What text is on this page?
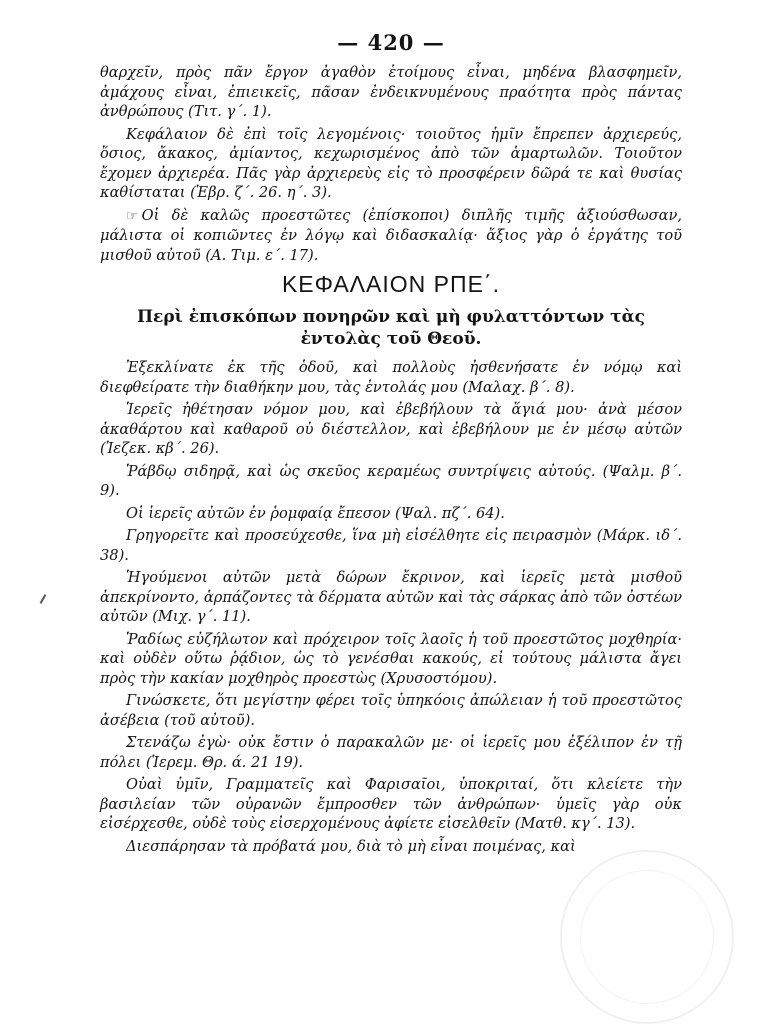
— 420 —

θαρχεῖν, πρὸς πᾶν ἔργον ἀγαθὸν ἑτοίμους εἶναι, μηδένα βλασφημεῖν, ἀμάχους εἶναι, ἐπιεικεῖς, πᾶσαν ἐνδεικνυμένους πραότητα πρὸς πάντας ἀνθρώπους (Τιτ. γ΄. 1).

Κεφάλαιον δὲ ἐπὶ τοῖς λεγομένοις· τοιοῦτος ἡμῖν ἔπρεπεν ἀρχιερεύς, ὅσιος, ἄκακος, ἀμίαντος, κεχωρισμένος ἀπὸ τῶν ἁμαρτωλῶν. Τοιοῦτον ἔχομεν ἀρχιερέα. Πᾶς γὰρ ἀρχιερεὺς εἰς τὸ προσφέρειν δῶρά τε καὶ θυσίας καθίσταται (Ἑβρ. ζ΄. 26. η΄. 3).

☞ Οἱ δὲ καλῶς προεστῶτες (ἐπίσκοποι) διπλῆς τιμῆς ἀξιούσθωσαν, μάλιστα οἱ κοπιῶντες ἐν λόγῳ καὶ διδασκαλίᾳ· ἄξιος γὰρ ὁ ἐργάτης τοῦ μισθοῦ αὐτοῦ (Α. Τιμ. ε΄. 17).

ΚΕΦΑΛΑΙΟΝ ΡΠΕ΄.
Περὶ ἐπισκόπων πονηρῶν καὶ μὴ φυλαττόντων τὰς ἐντολὰς τοῦ Θεοῦ.

Ἐξεκλίνατε ἐκ τῆς ὁδοῦ, καὶ πολλοὺς ἠσθενήσατε ἐν νόμῳ καὶ διεφθείρατε τὴν διαθήκην μου, τὰς ἐντολάς μου (Μαλαχ. β΄. 8).

Ἱερεῖς ἠθέτησαν νόμον μου, καὶ ἐβεβήλουν τὰ ἅγιά μου· ἀνὰ μέσον ἀκαθάρτου καὶ καθαροῦ οὐ διέστελλον, καὶ ἐβεβήλουν με ἐν μέσῳ αὐτῶν (Ἰεζεκ. κβ΄. 26).

Ῥάβδῳ σιδηρᾷ, καὶ ὡς σκεῦος κεραμέως συντρίψεις αὐτούς. (Ψαλμ. β΄. 9).

Οἱ ἱερεῖς αὐτῶν ἐν ῥομφαίᾳ ἔπεσον (Ψαλ. πζ΄. 64).

Γρηγορεῖτε καὶ προσεύχεσθε, ἵνα μὴ εἰσέλθητε εἰς πειρασμὸν (Μάρκ. ιδ΄. 38).

Ἡγούμενοι αὐτῶν μετὰ δώρων ἔκρινον, καὶ ἱερεῖς μετὰ μισθοῦ ἀπεκρίνοντο, ἁρπάζοντες τὰ δέρματα αὐτῶν καὶ τὰς σάρκας ἀπὸ τῶν ὀστέων αὐτῶν (Μιχ. γ΄. 11).

Ῥαδίως εὐζήλωτον καὶ πρόχειρον τοῖς λαοῖς ἡ τοῦ προεστῶτος μοχθηρία· καὶ οὐδὲν οὕτω ῥᾴδιον, ὡς τὸ γενέσθαι κακούς, εἰ τούτους μάλιστα ἄγει πρὸς τὴν κακίαν μοχθηρὸς προεστὼς (Χρυσοστόμου).

Γινώσκετε, ὅτι μεγίστην φέρει τοῖς ὑπηκόοις ἀπώλειαν ἡ τοῦ προεστῶτος ἀσέβεια (τοῦ αὐτοῦ).

Στενάζω ἐγὼ· οὐκ ἔστιν ὁ παρακαλῶν με· οἱ ἱερεῖς μου ἐξέλιπον ἐν τῇ πόλει (Ἱερεμ. Θρ. ά. 21 19).

Οὐαὶ ὑμῖν, Γραμματεῖς καὶ Φαρισαῖοι, ὑποκριταί, ὅτι κλείετε τὴν βασιλείαν τῶν οὐρανῶν ἔμπροσθεν τῶν ἀνθρώπων· ὑμεῖς γὰρ οὐκ εἰσέρχεσθε, οὐδὲ τοὺς εἰσερχομένους ἀφίετε εἰσελθεῖν (Ματθ. κγ΄. 13).

Διεσπάρησαν τὰ πρόβατά μου, διὰ τὸ μὴ εἶναι ποιμένας, καὶ
